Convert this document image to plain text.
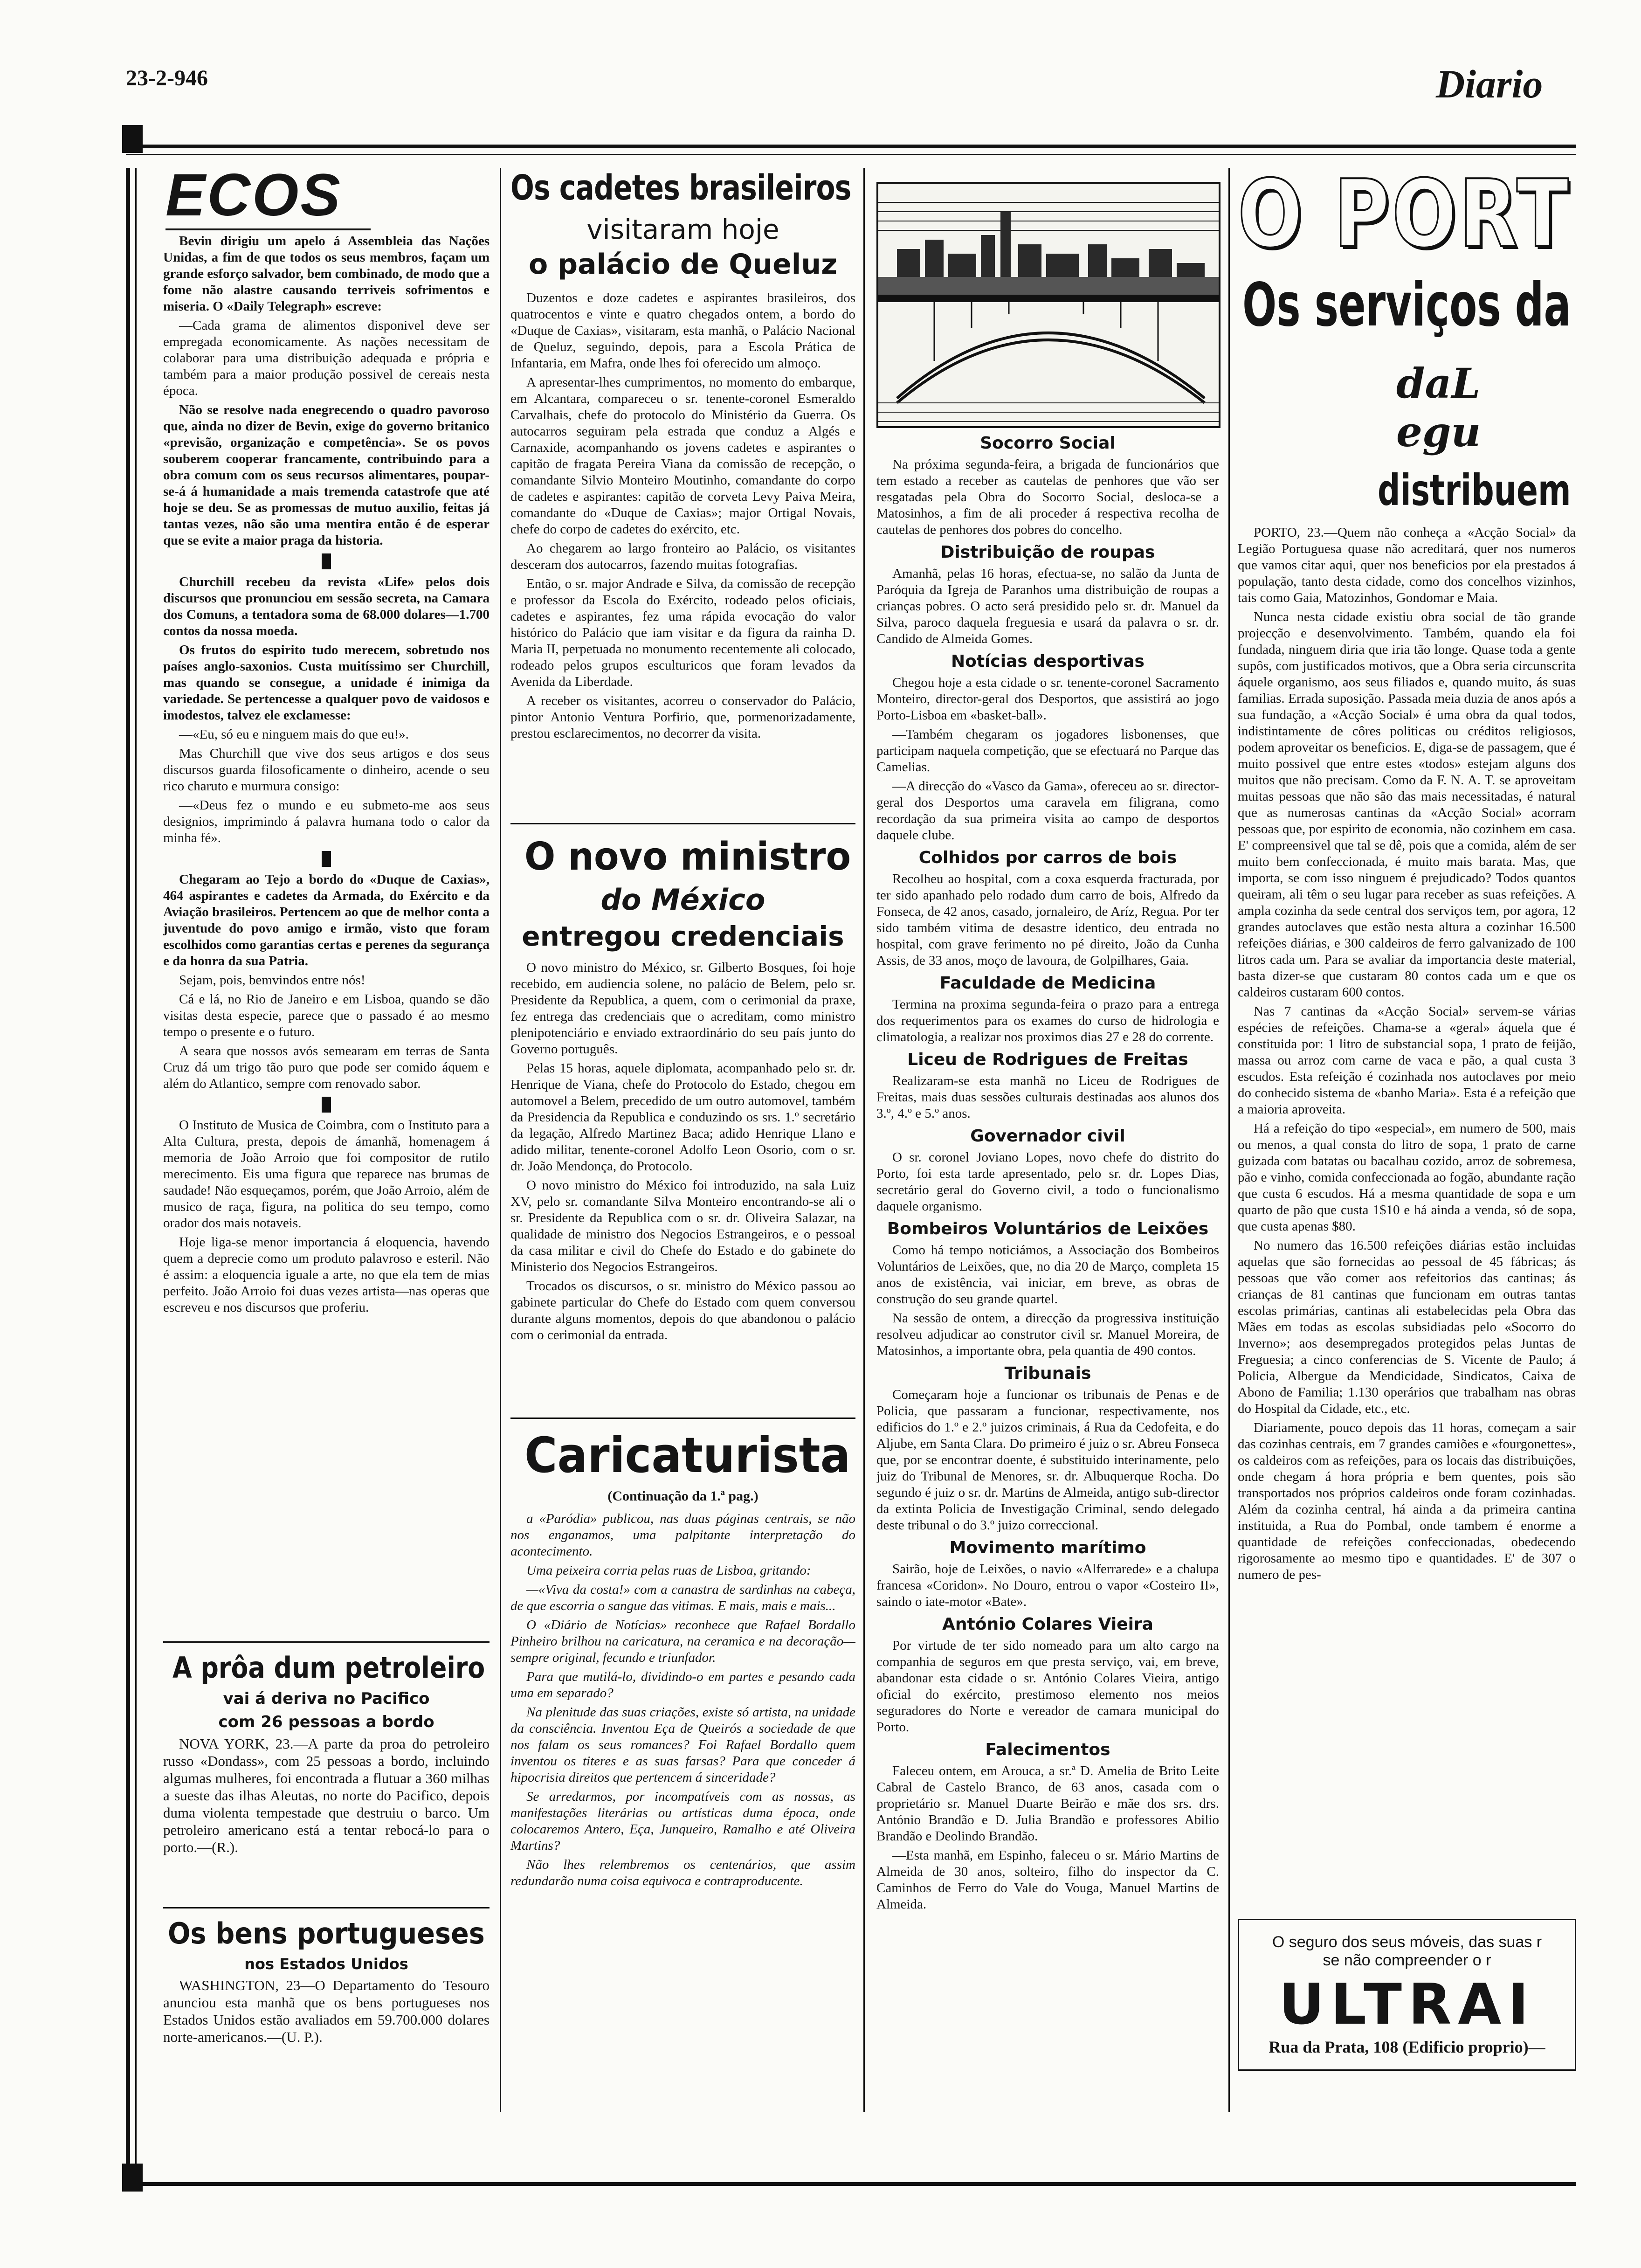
23-2-946	Diario
ECOS

Bevin dirigiu um apelo á Assembleia das Nações Unidas, a fim de que todos os seus membros, façam um grande esforço salvador, bem combinado, de modo que a fome não alastre causando terriveis sofrimentos e miseria. O «Daily Telegraph» escreve:

—Cada grama de alimentos disponivel deve ser empregada economicamente. As nações necessitam de colaborar para uma distribuição adequada e própria e também para a maior produção possivel de cereais nesta época.

Não se resolve nada enegrecendo o quadro pavoroso que, ainda no dizer de Bevin, exige do governo britanico «previsão, organização e competência». Se os povos souberem cooperar francamente, contribuindo para a obra comum com os seus recursos alimentares, poupar-se-á á humanidade a mais tremenda catastrofe que até hoje se deu. Se as promessas de mutuo auxilio, feitas já tantas vezes, não são uma mentira então é de esperar que se evite a maior praga da historia.

Churchill recebeu da revista «Life» pelos dois discursos que pronunciou em sessão secreta, na Camara dos Comuns, a tentadora soma de 68.000 dolares—1.700 contos da nossa moeda.

Os frutos do espirito tudo merecem, sobretudo nos países anglo-saxonios. Custa muitíssimo ser Churchill, mas quando se consegue, a unidade é inimiga da variedade. Se pertencesse a qualquer povo de vaidosos e imodestos, talvez ele exclamesse:

—«Eu, só eu e ninguem mais do que eu!».

Mas Churchill que vive dos seus artigos e dos seus discursos guarda filosoficamente o dinheiro, acende o seu rico charuto e murmura consigo:

—«Deus fez o mundo e eu submeto-me aos seus designios, imprimindo á palavra humana todo o calor da minha fé».

Chegaram ao Tejo a bordo do «Duque de Caxias», 464 aspirantes e cadetes da Armada, do Exército e da Aviação brasileiros. Pertencem ao que de melhor conta a juventude do povo amigo e irmão, visto que foram escolhidos como garantias certas e perenes da segurança e da honra da sua Patria.

Sejam, pois, bemvindos entre nós!

Cá e lá, no Rio de Janeiro e em Lisboa, quando se dão visitas desta especie, parece que o passado é ao mesmo tempo o presente e o futuro.

A seara que nossos avós semearam em terras de Santa Cruz dá um trigo tão puro que pode ser comido áquem e além do Atlantico, sempre com renovado sabor.

O Instituto de Musica de Coimbra, com o Instituto para a Alta Cultura, presta, depois de ámanhã, homenagem á memoria de João Arroio que foi compositor de rutilo merecimento. Eis uma figura que reparece nas brumas de saudade! Não esqueçamos, porém, que João Arroio, além de musico de raça, figura, na politica do seu tempo, como orador dos mais notaveis.

Hoje liga-se menor importancia á eloquencia, havendo quem a deprecie como um produto palavroso e esteril. Não é assim: a eloquencia iguale a arte, no que ela tem de mias perfeito. João Arroio foi duas vezes artista—nas operas que escreveu e nos discursos que proferiu.

A prôa dum petroleiro
vai á deriva no Pacifico
com 26 pessoas a bordo

NOVA YORK, 23.—A parte da proa do petroleiro russo «Dondass», com 25 pessoas a bordo, incluindo algumas mulheres, foi encontrada a flutuar a 360 milhas a sueste das ilhas Aleutas, no norte do Pacifico, depois duma violenta tempestade que destruiu o barco. Um petroleiro americano está a tentar rebocá-lo para o porto.—(R.).

Os bens portugueses
nos Estados Unidos

WASHINGTON, 23—O Departamento do Tesouro anunciou esta manhã que os bens portugueses nos Estados Unidos estão avaliados em 59.700.000 dolares norte-americanos.—(U. P.).

Os cadetes brasileiros
visitaram hoje
o palácio de Queluz

Duzentos e doze cadetes e aspirantes brasileiros, dos quatrocentos e vinte e quatro chegados ontem, a bordo do «Duque de Caxias», visitaram, esta manhã, o Palácio Nacional de Queluz, seguindo, depois, para a Escola Prática de Infantaria, em Mafra, onde lhes foi oferecido um almoço.

A apresentar-lhes cumprimentos, no momento do embarque, em Alcantara, compareceu o sr. tenente-coronel Esmeraldo Carvalhais, chefe do protocolo do Ministério da Guerra. Os autocarros seguiram pela estrada que conduz a Algés e Carnaxide, acompanhando os jovens cadetes e aspirantes o capitão de fragata Pereira Viana da comissão de recepção, o comandante Silvio Monteiro Moutinho, comandante do corpo de cadetes e aspirantes: capitão de corveta Levy Paiva Meira, comandante do «Duque de Caxias»; major Ortigal Novais, chefe do corpo de cadetes do exército, etc.

Ao chegarem ao largo fronteiro ao Palácio, os visitantes desceram dos autocarros, fazendo muitas fotografias.

Então, o sr. major Andrade e Silva, da comissão de recepção e professor da Escola do Exército, rodeado pelos oficiais, cadetes e aspirantes, fez uma rápida evocação do valor histórico do Palácio que iam visitar e da figura da rainha D. Maria II, perpetuada no monumento recentemente ali colocado, rodeado pelos grupos esculturicos que foram levados da Avenida da Liberdade.

A receber os visitantes, acorreu o conservador do Palácio, pintor Antonio Ventura Porfirio, que, pormenorizadamente, prestou esclarecimentos, no decorrer da visita.

O novo ministro
do México
entregou credenciais

O novo ministro do México, sr. Gilberto Bosques, foi hoje recebido, em audiencia solene, no palácio de Belem, pelo sr. Presidente da Republica, a quem, com o cerimonial da praxe, fez entrega das credenciais que o acreditam, como ministro plenipotenciário e enviado extraordinário do seu país junto do Governo português.

Pelas 15 horas, aquele diplomata, acompanhado pelo sr. dr. Henrique de Viana, chefe do Protocolo do Estado, chegou em automovel a Belem, precedido de um outro automovel, também da Presidencia da Republica e conduzindo os srs. 1.º secretário da legação, Alfredo Martinez Baca; adido Henrique Llano e adido militar, tenente-coronel Adolfo Leon Osorio, com o sr. dr. João Mendonça, do Protocolo.

O novo ministro do México foi introduzido, na sala Luiz XV, pelo sr. comandante Silva Monteiro encontrando-se ali o sr. Presidente da Republica com o sr. dr. Oliveira Salazar, na qualidade de ministro dos Negocios Estrangeiros, e o pessoal da casa militar e civil do Chefe do Estado e do gabinete do Ministerio dos Negocios Estrangeiros.

Trocados os discursos, o sr. ministro do México passou ao gabinete particular do Chefe do Estado com quem conversou durante alguns momentos, depois do que abandonou o palácio com o cerimonial da entrada.

Caricaturista
(Continuação da 1.ª pag.)

a «Paródia» publicou, nas duas páginas centrais, se não nos enganamos, uma palpitante interpretação do acontecimento.

Uma peixeira corria pelas ruas de Lisboa, gritando:

—«Viva da costa!» com a canastra de sardinhas na cabeça, de que escorria o sangue das vitimas. E mais, mais e mais...

O «Diário de Notícias» reconhece que Rafael Bordallo Pinheiro brilhou na caricatura, na ceramica e na decoração—sempre original, fecundo e triunfador.

Para que mutilá-lo, dividindo-o em partes e pesando cada uma em separado?

Na plenitude das suas criações, existe só artista, na unidade da consciência. Inventou Eça de Queirós a sociedade de que nos falam os seus romances? Foi Rafael Bordallo quem inventou os titeres e as suas farsas? Para que conceder á hipocrisia direitos que pertencem á sinceridade?

Se arredarmos, por incompatíveis com as nossas, as manifestações literárias ou artísticas duma época, onde colocaremos Antero, Eça, Junqueiro, Ramalho e até Oliveira Martins?

Não lhes relembremos os centenários, que assim redundarão numa coisa equivoca e contraproducente.

Socorro Social

Na próxima segunda-feira, a brigada de funcionários que tem estado a receber as cautelas de penhores que vão ser resgatadas pela Obra do Socorro Social, desloca-se a Matosinhos, a fim de ali proceder á respectiva recolha de cautelas de penhores dos pobres do concelho.

Distribuição de roupas

Amanhã, pelas 16 horas, efectua-se, no salão da Junta de Paróquia da Igreja de Paranhos uma distribuição de roupas a crianças pobres. O acto será presidido pelo sr. dr. Manuel da Silva, paroco daquela freguesia e usará da palavra o sr. dr. Candido de Almeida Gomes.

Notícias desportivas

Chegou hoje a esta cidade o sr. tenente-coronel Sacramento Monteiro, director-geral dos Desportos, que assistirá ao jogo Porto-Lisboa em «basket-ball».

—Também chegaram os jogadores lisbonenses, que participam naquela competição, que se efectuará no Parque das Camelias.

—A direcção do «Vasco da Gama», ofereceu ao sr. director-geral dos Desportos uma caravela em filigrana, como recordação da sua primeira visita ao campo de desportos daquele clube.

Colhidos por carros de bois

Recolheu ao hospital, com a coxa esquerda fracturada, por ter sido apanhado pelo rodado dum carro de bois, Alfredo da Fonseca, de 42 anos, casado, jornaleiro, de Aríz, Regua. Por ter sido também vitima de desastre identico, deu entrada no hospital, com grave ferimento no pé direito, João da Cunha Assis, de 33 anos, moço de lavoura, de Golpilhares, Gaia.

Faculdade de Medicina

Termina na proxima segunda-feira o prazo para a entrega dos requerimentos para os exames do curso de hidrologia e climatologia, a realizar nos proximos dias 27 e 28 do corrente.

Liceu de Rodrigues de Freitas

Realizaram-se esta manhã no Liceu de Rodrigues de Freitas, mais duas sessões culturais destinadas aos alunos dos 3.º, 4.º e 5.º anos.

Governador civil

O sr. coronel Joviano Lopes, novo chefe do distrito do Porto, foi esta tarde apresentado, pelo sr. dr. Lopes Dias, secretário geral do Governo civil, a todo o funcionalismo daquele organismo.

Bombeiros Voluntários de Leixões

Como há tempo noticiámos, a Associação dos Bombeiros Voluntários de Leixões, que, no dia 20 de Março, completa 15 anos de existência, vai iniciar, em breve, as obras de construção do seu grande quartel.

Na sessão de ontem, a direcção da progressiva instituição resolveu adjudicar ao construtor civil sr. Manuel Moreira, de Matosinhos, a importante obra, pela quantia de 490 contos.

Tribunais

Começaram hoje a funcionar os tribunais de Penas e de Policia, que passaram a funcionar, respectivamente, nos edificios do 1.º e 2.º juizos criminais, á Rua da Cedofeita, e do Aljube, em Santa Clara. Do primeiro é juiz o sr. Abreu Fonseca que, por se encontrar doente, é substituido interinamente, pelo juiz do Tribunal de Menores, sr. dr. Albuquerque Rocha. Do segundo é juiz o sr. dr. Martins de Almeida, antigo sub-director da extinta Policia de Investigação Criminal, sendo delegado deste tribunal o do 3.º juizo correccional.

Movimento marítimo

Sairão, hoje de Leixões, o navio «Alferrarede» e a chalupa francesa «Coridon». No Douro, entrou o vapor «Costeiro II», saindo o iate-motor «Bate».

António Colares Vieira

Por virtude de ter sido nomeado para um alto cargo na companhia de seguros em que presta serviço, vai, em breve, abandonar esta cidade o sr. António Colares Vieira, antigo oficial do exército, prestimoso elemento nos meios seguradores do Norte e vereador de camara municipal do Porto.

Falecimentos

Faleceu ontem, em Arouca, a sr.ª D. Amelia de Brito Leite Cabral de Castelo Branco, de 63 anos, casada com o proprietário sr. Manuel Duarte Beirão e mãe dos srs. drs. António Brandão e D. Julia Brandão e professores Abilio Brandão e Deolindo Brandão.

—Esta manhã, em Espinho, faleceu o sr. Mário Martins de Almeida de 30 anos, solteiro, filho do inspector da C. Caminhos de Ferro do Vale do Vouga, Manuel Martins de Almeida.

O PORT
Os serviços da
daL egu
distribuem

PORTO, 23.—Quem não conheça a «Acção Social» da Legião Portuguesa quase não acreditará, quer nos numeros que vamos citar aqui, quer nos beneficios por ela prestados á população, tanto desta cidade, como dos concelhos vizinhos, tais como Gaia, Matozinhos, Gondomar e Maia.

Nunca nesta cidade existiu obra social de tão grande projecção e desenvolvimento. Também, quando ela foi fundada, ninguem diria que iria tão longe. Quase toda a gente supôs, com justificados motivos, que a Obra seria circunscrita áquele organismo, aos seus filiados e, quando muito, ás suas familias. Errada suposição. Passada meia duzia de anos após a sua fundação, a «Acção Social» é uma obra da qual todos, indistintamente de côres politicas ou créditos religiosos, podem aproveitar os beneficios. E, diga-se de passagem, que é muito possivel que entre estes «todos» estejam alguns dos muitos que não precisam. Como da F. N. A. T. se aproveitam muitas pessoas que não são das mais necessitadas, é natural que as numerosas cantinas da «Acção Social» acorram pessoas que, por espirito de economia, não cozinhem em casa. E' compreensivel que tal se dê, pois que a comida, além de ser muito bem confeccionada, é muito mais barata. Mas, que importa, se com isso ninguem é prejudicado? Todos quantos queiram, ali têm o seu lugar para receber as suas refeições. A ampla cozinha da sede central dos serviços tem, por agora, 12 grandes autoclaves que estão nesta altura a cozinhar 16.500 refeições diárias, e 300 caldeiros de ferro galvanizado de 100 litros cada um. Para se avaliar da importancia deste material, basta dizer-se que custaram 80 contos cada um e que os caldeiros custaram 600 contos.

Nas 7 cantinas da «Acção Social» servem-se várias espécies de refeições. Chama-se a «geral» áquela que é constituida por: 1 litro de substancial sopa, 1 prato de feijão, massa ou arroz com carne de vaca e pão, a qual custa 3 escudos. Esta refeição é cozinhada nos autoclaves por meio do conhecido sistema de «banho Maria». Esta é a refeição que a maioria aproveita.

Há a refeição do tipo «especial», em numero de 500, mais ou menos, a qual consta do litro de sopa, 1 prato de carne guizada com batatas ou bacalhau cozido, arroz de sobremesa, pão e vinho, comida confeccionada ao fogão, abundante ração que custa 6 escudos. Há a mesma quantidade de sopa e um quarto de pão que custa 1$10 e há ainda a venda, só de sopa, que custa apenas $80.

No numero das 16.500 refeições diárias estão incluidas aquelas que são fornecidas ao pessoal de 45 fábricas; ás pessoas que vão comer aos refeitorios das cantinas; ás crianças de 81 cantinas que funcionam em outras tantas escolas primárias, cantinas ali estabelecidas pela Obra das Mães em todas as escolas subsidiadas pelo «Socorro do Inverno»; aos desempregados protegidos pelas Juntas de Freguesia; a cinco conferencias de S. Vicente de Paulo; á Policia, Albergue da Mendicidade, Sindicatos, Caixa de Abono de Familia; 1.130 operários que trabalham nas obras do Hospital da Cidade, etc., etc.

Diariamente, pouco depois das 11 horas, começam a sair das cozinhas centrais, em 7 grandes camiões e «fourgonettes», os caldeiros com as refeições, para os locais das distribuições, onde chegam á hora própria e bem quentes, pois são transportados nos próprios caldeiros onde foram cozinhadas. Além da cozinha central, há ainda a da primeira cantina instituida, a Rua do Pombal, onde tambem é enorme a quantidade de refeições confeccionadas, obedecendo rigorosamente ao mesmo tipo e quantidades. E' de 307 o numero de pes-

O seguro dos seus móveis, das suas r
se não compreender o r
ULTRAI
Rua da Prata, 108 (Edificio proprio)—
